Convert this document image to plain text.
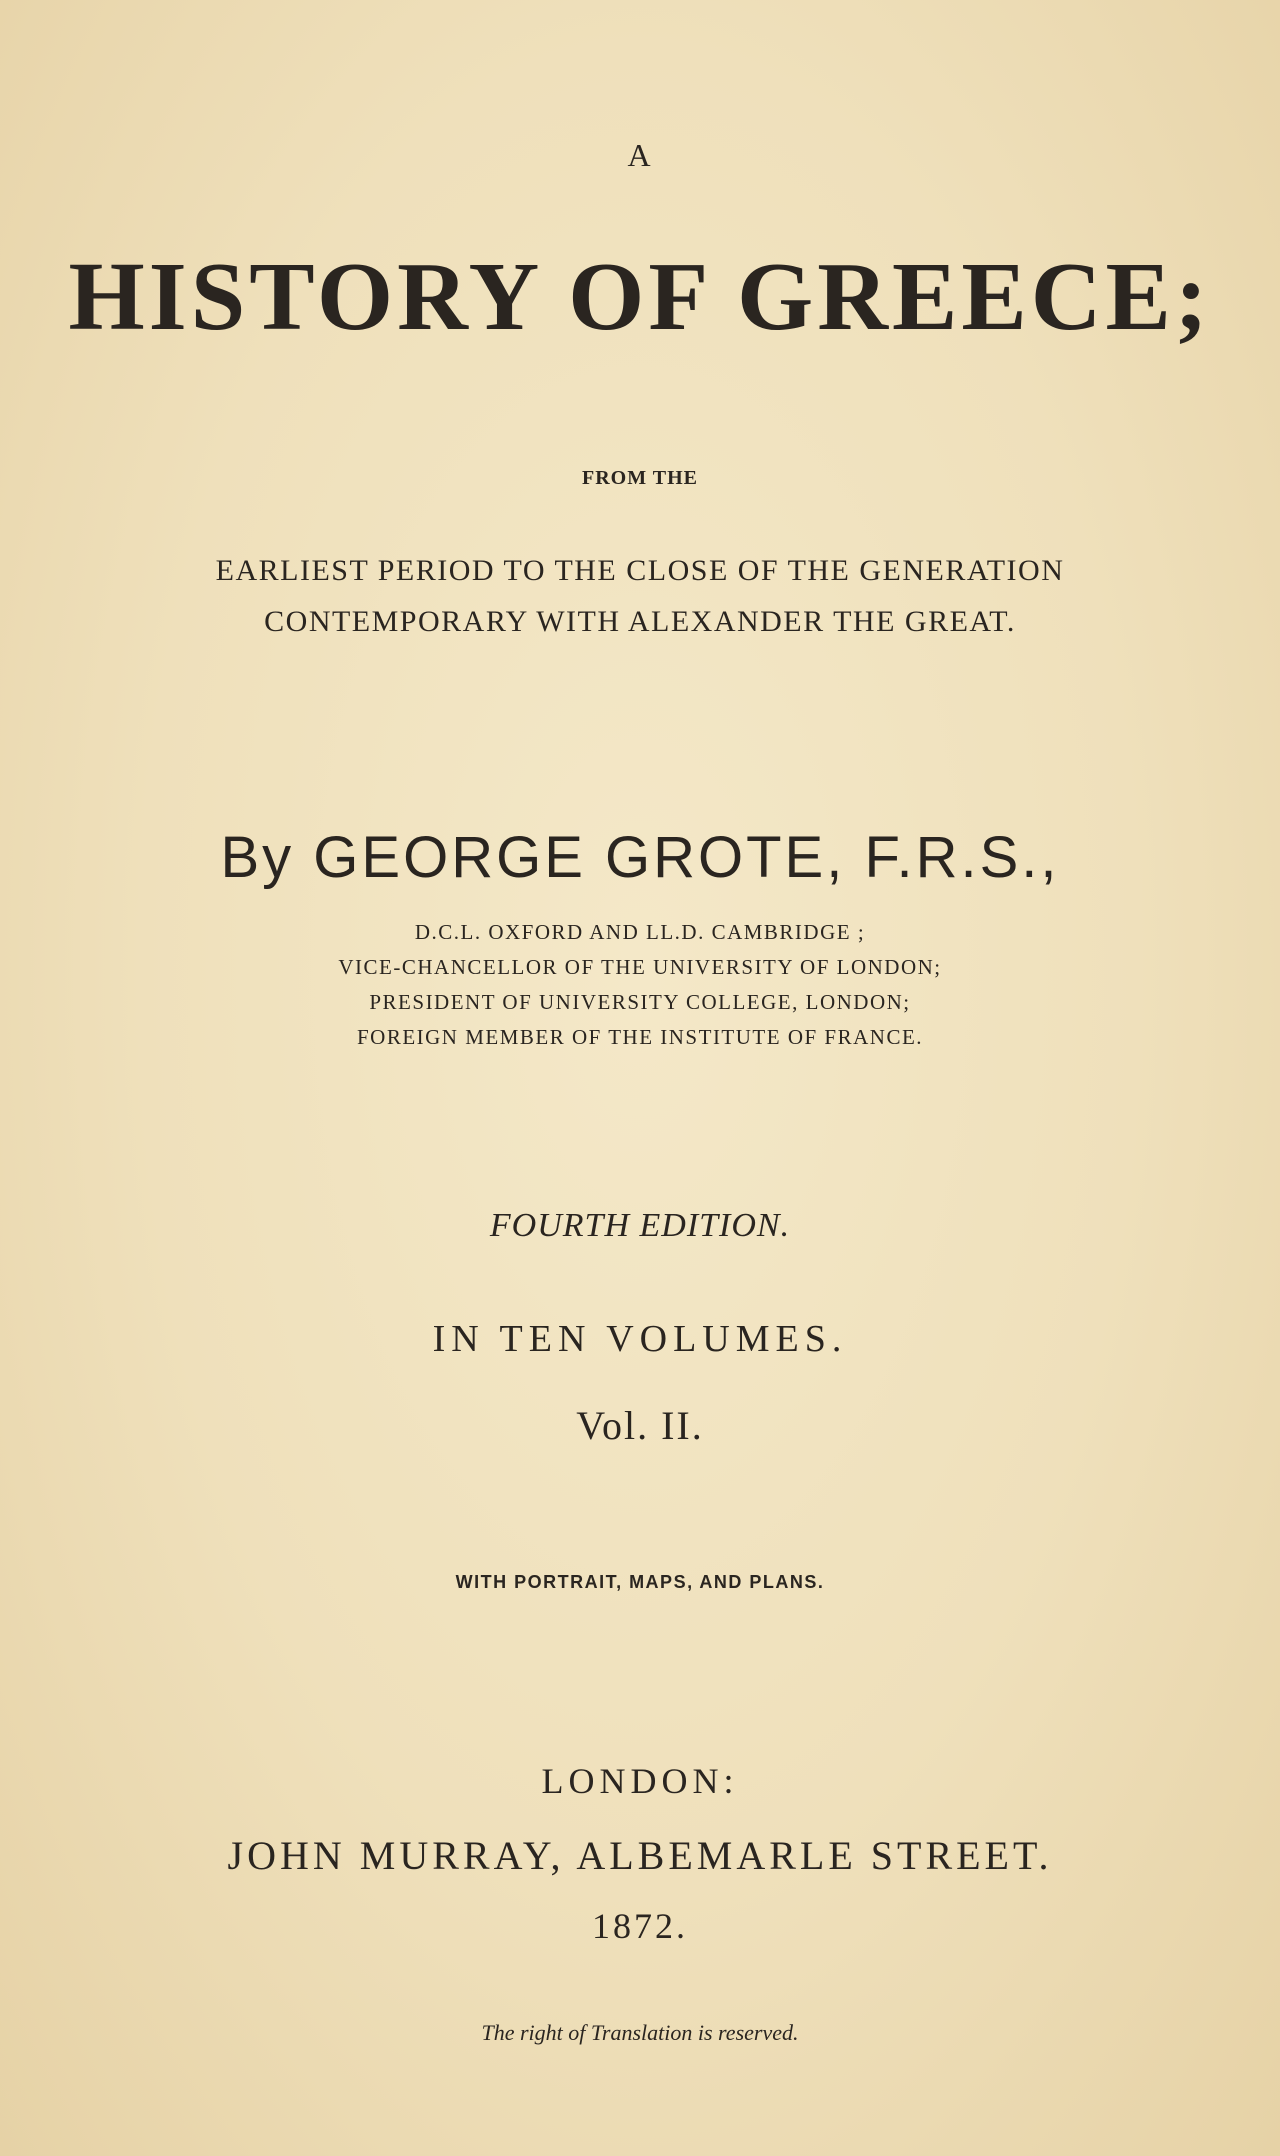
A
HISTORY OF GREECE;
FROM THE
EARLIEST PERIOD TO THE CLOSE OF THE GENERATION
CONTEMPORARY WITH ALEXANDER THE GREAT.
By GEORGE GROTE, F.R.S.,
D.C.L. OXFORD AND LL.D. CAMBRIDGE ;
VICE-CHANCELLOR OF THE UNIVERSITY OF LONDON;
PRESIDENT OF UNIVERSITY COLLEGE, LONDON;
FOREIGN MEMBER OF THE INSTITUTE OF FRANCE.
FOURTH EDITION.
IN TEN VOLUMES.
Vol. II.
WITH PORTRAIT, MAPS, AND PLANS.
LONDON:
JOHN MURRAY, ALBEMARLE STREET.
1872.
The right of Translation is reserved.
